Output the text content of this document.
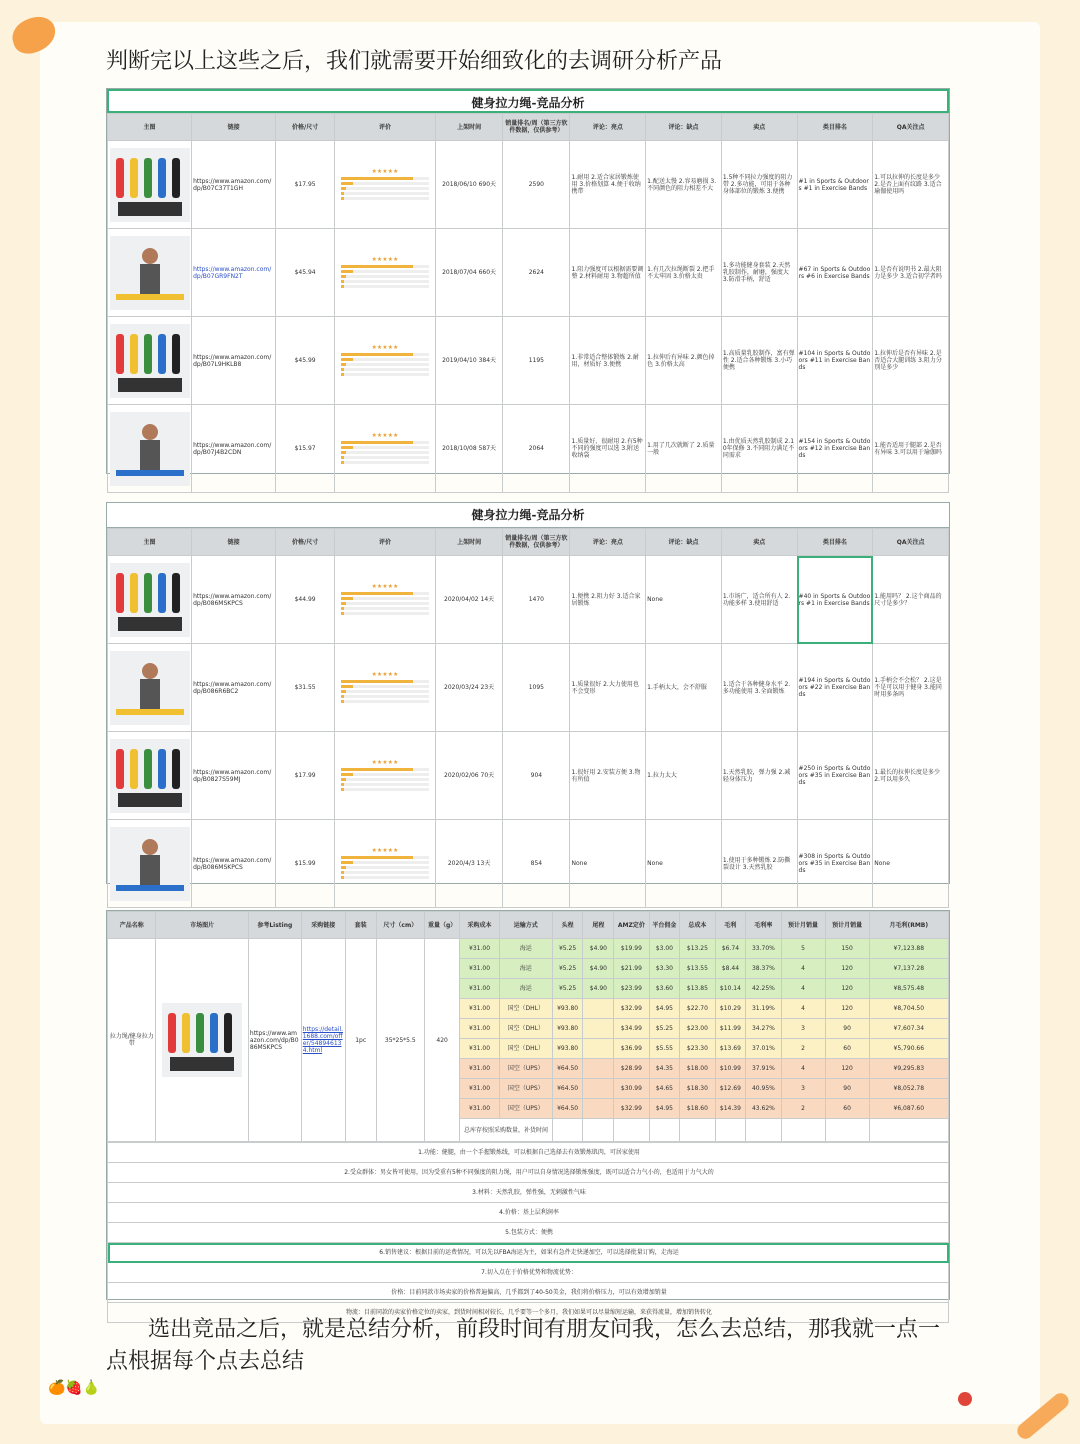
判断完以上这些之后，我们就需要开始细致化的去调研分析产品
健身拉力绳-竞品分析
主图	链接	价格/尺寸	评价	上架时间	销量排名/周（第三方软件数据，仅供参考）	评论：亮点	评论：缺点	卖点	类目排名	QA关注点

	https://www.amazon.com/dp/B07C37T1GH	$17.95	★★★★★	2018/06/10 690天	2590	1.耐用 2.适合家居锻炼使用 3.价格划算 4.便于收纳携带	1.配送太慢 2.容易磨损 3.不同颜色的阻力相差不大	1.5种不同拉力强度的阻力带 2.多功能，可用于各种身体部位的锻炼 3.便携	#1 in Sports & Outdoors #1 in Exercise Bands	1.可以拉伸的长度是多少 2.是否上面有纹路 3.适合瑜伽使用吗

	https://www.amazon.com/dp/B07GR9FN2T	$45.94	★★★★★	2018/07/04 660天	2624	1.阻力强度可以根据需要调整 2.材料耐用 3.物超所值	1.有几次拉绳断裂 2.把手不太牢固 3.价格太贵	1.多功能健身套装 2.天然乳胶制作，耐磨，强度大 3.防滑手柄，舒适	#67 in Sports & Outdoors #6 in Exercise Bands	1.是否有说明书 2.最大阻力是多少 3.适合初学者吗

	https://www.amazon.com/dp/B07L9HKLB8	$45.99	★★★★★	2019/04/10 384天	1195	1.非常适合整体锻炼 2.耐用，材质好 3.便携	1.拉伸后有异味 2.颜色掉色 3.价格太高	1.高质量乳胶制作，富有弹性 2.适合各种锻炼 3.小巧便携	#104 in Sports & Outdoors #11 in Exercise Bands	1.拉伸后是否有异味 2.是否适合大腿训练 3.阻力分别是多少

	https://www.amazon.com/dp/B07J4B2CDN	$15.97	★★★★★	2018/10/08 587天	2064	1.质量好，很耐用 2.有5种不同的强度可以选 3.附送收纳袋	1.用了几次就断了 2.质量一般	1.由优质天然乳胶制成 2.10年保修 3.不同阻力满足不同需求	#154 in Sports & Outdoors #12 in Exercise Bands	1.能否适用于腿部 2.是否有异味 3.可以用于瑜伽吗
健身拉力绳-竞品分析
主图	链接	价格/尺寸	评价	上架时间	销量排名/周（第三方软件数据，仅供参考）	评论：亮点	评论：缺点	卖点	类目排名	QA关注点

	https://www.amazon.com/dp/B086MSKPCS	$44.99	★★★★★	2020/04/02 14天	1470	1.便携 2.阻力好 3.适合家居锻炼	None	1.市场广，适合所有人 2.功能多样 3.使用舒适	#40 in Sports & Outdoors #1 in Exercise Bands	1.能用吗？ 2.这个商品的尺寸是多少？

	https://www.amazon.com/dp/B086R6BC2	$31.55	★★★★★	2020/03/24 23天	1095	1.质量很好 2.大力使用也不会变形	1.手柄太大，会不舒服	1.适合于各种健身水平 2.多功能使用 3.全面锻炼	#194 in Sports & Outdoors #22 in Exercise Bands	1.手柄会不会松？ 2.这是不是可以用于健身 3.能同时用多条吗

	https://www.amazon.com/dp/B0827S59MJ	$17.99	★★★★★	2020/02/06 70天	904	1.很好用 2.安装方便 3.物有所值	1.拉力太大	1.天然乳胶，弹力强 2.减轻身体压力	#250 in Sports & Outdoors #35 in Exercise Bands	1.最长的拉伸长度是多少 2.可以用多久

	https://www.amazon.com/dp/B086MSKPCS	$15.99	★★★★★	2020/4/3 13天	854	None	None	1.使用于多种锻炼 2.防撕裂设计 3.天然乳胶	#308 in Sports & Outdoors #35 in Exercise Bands	None
产品名称	市场图片	参考Listing	采购链接	套装	尺寸（cm）	重量（g）	采购成本	运输方式	头程	尾程	AMZ定价	平台佣金	总成本	毛利	毛利率	预计月销量	预计月销量	月毛利(RMB)
拉力绳/健身拉力带		https://www.amazon.com/dp/B086MSKPCS	https://detail.1688.com/offer/548946134.html	1pc	35*25*5.5	420	¥31.00	海运	¥5.25	$4.90	$19.99	$3.00	$13.25	$6.74	33.70%	5	150	¥7,123.88
							¥31.00	海运	¥5.25	$4.90	$21.99	$3.30	$13.55	$8.44	38.37%	4	120	¥7,137.28
							¥31.00	海运	¥5.25	$4.90	$23.99	$3.60	$13.85	$10.14	42.25%	4	120	¥8,575.48
							¥31.00	国空（DHL）	¥93.80		$32.99	$4.95	$22.70	$10.29	31.19%	4	120	¥8,704.50
							¥31.00	国空（DHL）	¥93.80		$34.99	$5.25	$23.00	$11.99	34.27%	3	90	¥7,607.34
							¥31.00	国空（DHL）	¥93.80		$36.99	$5.55	$23.30	$13.69	37.01%	2	60	¥5,790.66
							¥31.00	国空（UPS）	¥64.50		$28.99	$4.35	$18.00	$10.99	37.91%	4	120	¥9,295.83
							¥31.00	国空（UPS）	¥64.50		$30.99	$4.65	$18.30	$12.69	40.95%	3	90	¥8,052.78
							¥31.00	国空（UPS）	¥64.50		$32.99	$4.95	$18.60	$14.39	43.62%	2	60	¥6,087.60
							总库存按照采购数量，补货时间											
1.功能：健腿，由一个手握锻炼线，可以根据自己选择去有效锻炼肌肉，可居家使用
2.受众群体：男女皆可使用，因为受重有5种不同强度的阻力绳，用户可以自身情况选择锻炼强度，既可以适合力气小的，也适用于力气大的
3.材料：天然乳胶，弹性强，无刺激性气味
4.价格：基上层利润率
5.包装方式：便携
6.销售建议：根据目前的运费情况，可以先以FBA海运为主，如果有急件走快递加空，可以选择批量订购，走海运
7.切入点在于价格优势和物流优势：
价格：目前同款市场卖家的价格普遍偏高，几乎都到了40-50美金，我们将价格压力，可以有效增加销量
物流：目前同款的卖家价格定位的卖家，到货时间相对较长，几乎要等一个多月，我们如果可以尽量缩短运输，来获得流量，增加销售转化
选出竞品之后，就是总结分析，前段时间有朋友问我，怎么去总结，那我就一点一点根据每个点去总结
🍊🍓🍐
